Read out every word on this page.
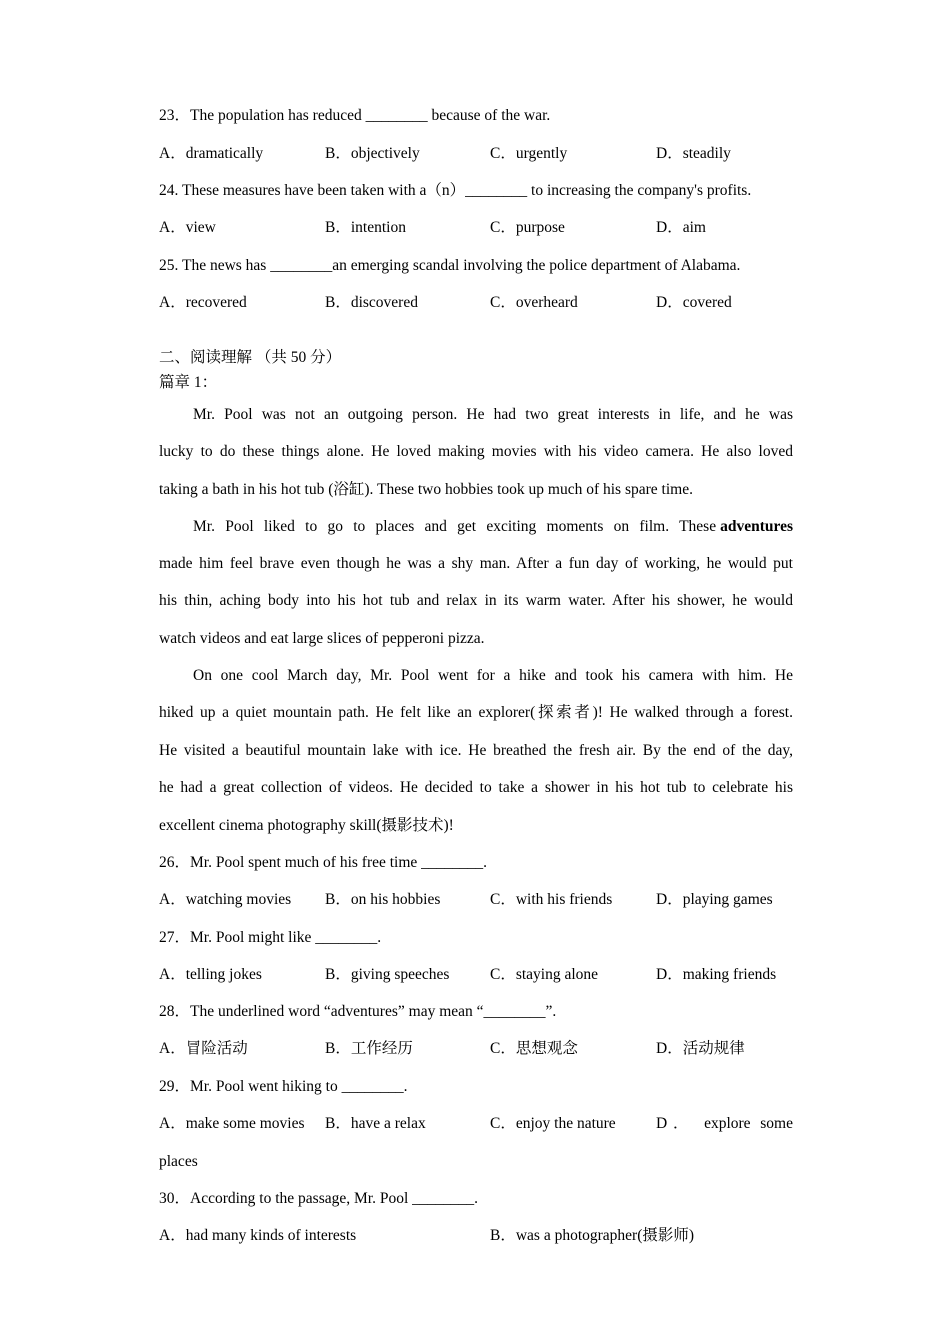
23．The population has reduced ________ because of the war.
A．dramatically	B．objectively	C．urgently	D．steadily
24. These measures have been taken with a（n）________ to increasing the company's profits.
A．view	B．intention	C．purpose	D．aim
25. The news has ________an emerging scandal involving the police department of Alabama.
A．recovered	B．discovered	C．overheard	D．covered
二、阅读理解 （共 50 分）
篇章 1：
Mr. Pool was not an outgoing person. He had two great interests in life, and he was
lucky to do these things alone. He loved making movies with his video camera. He also loved
taking a bath in his hot tub (浴缸). These two hobbies took up much of his spare time.
Mr. Pool liked to go to places and get exciting moments on film. These adventures
made him feel brave even though he was a shy man. After a fun day of working, he would put
his thin, aching body into his hot tub and relax in its warm water. After his shower, he would
watch videos and eat large slices of pepperoni pizza.
On one cool March day, Mr. Pool went for a hike and took his camera with him. He
hiked up a quiet mountain path. He felt like an explorer(探索者)! He walked through a forest.
He visited a beautiful mountain lake with ice. He breathed the fresh air. By the end of the day,
he had a great collection of videos. He decided to take a shower in his hot tub to celebrate his
excellent cinema photography skill(摄影技术)!
26．Mr. Pool spent much of his free time ________.
A．watching movies B．on his hobbies	C．with his friends	D．playing games
27．Mr. Pool might like ________.
A．telling jokes	B．giving speeches	C．staying alone	D．making friends
28．The underlined word “adventures” may mean “________”.
A．冒险活动	B．工作经历	C．思想观念	D．活动规律
29．Mr. Pool went hiking to ________.
A．make some movies B．have a relax	C．enjoy the nature	D． explore some
places
30．According to the passage, Mr. Pool ________.
A．had many kinds of interests	B．was a photographer(摄影师)
